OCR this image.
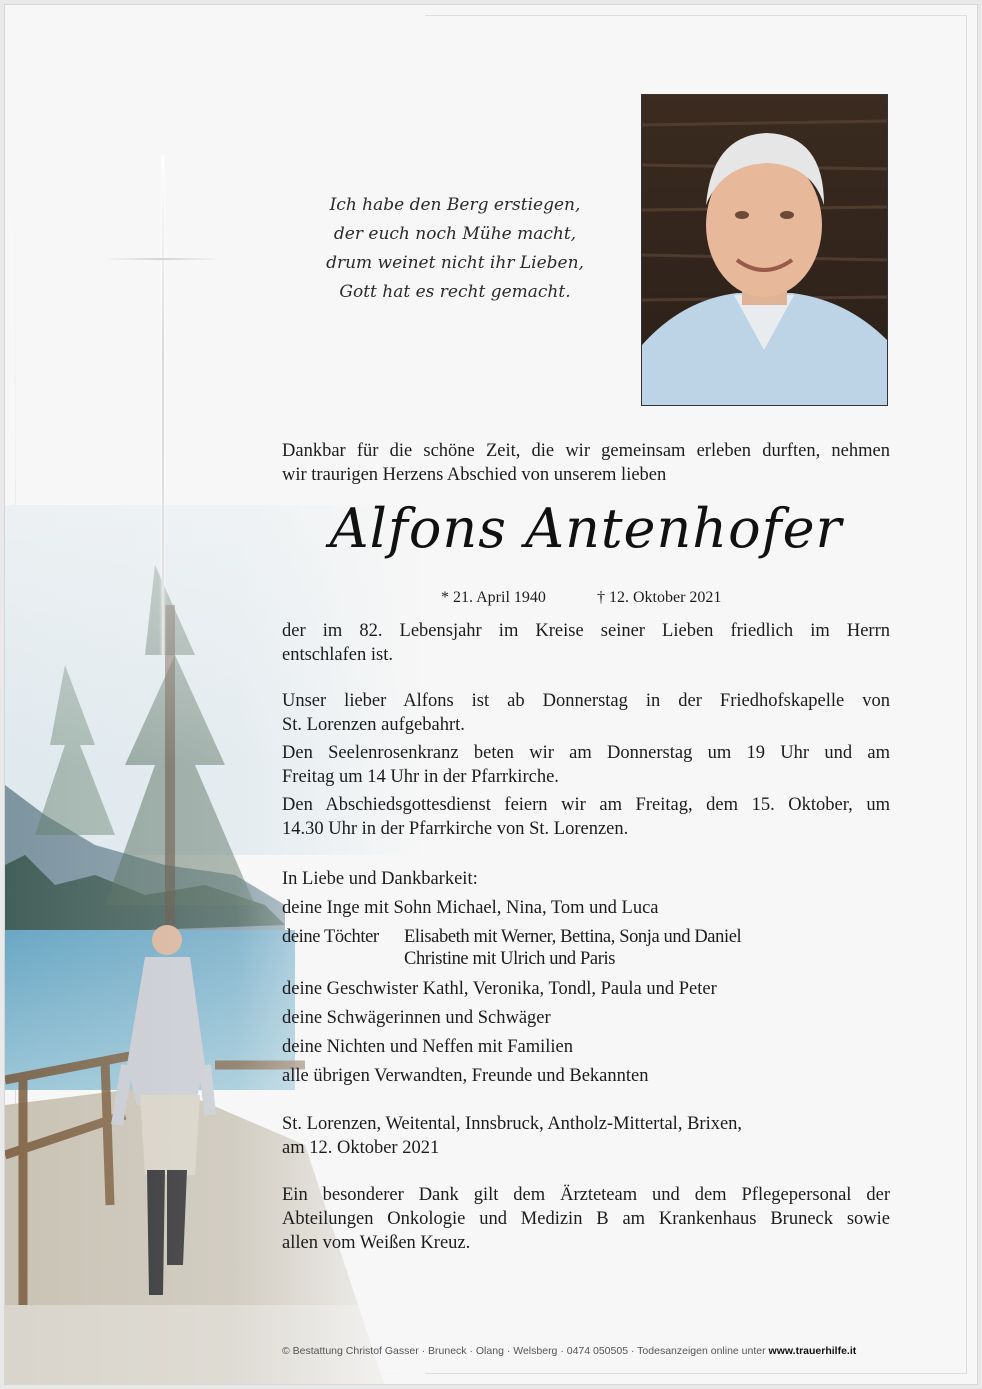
Ich habe den Berg erstiegen,
der euch noch Mühe macht,
drum weinet nicht ihr Lieben,
Gott hat es recht gemacht.
Dankbar für die schöne Zeit, die wir gemeinsam erleben durften, nehmen
wir traurigen Herzens Abschied von unserem lieben
Alfons Antenhofer
* 21. April 1940	† 12. Oktober 2021
der im 82. Lebensjahr im Kreise seiner Lieben friedlich im Herrn
entschlafen ist.
Unser lieber Alfons ist ab Donnerstag in der Friedhofskapelle von
St. Lorenzen aufgebahrt.
Den Seelenrosenkranz beten wir am Donnerstag um 19 Uhr und am
Freitag um 14 Uhr in der Pfarrkirche.
Den Abschiedsgottesdienst feiern wir am Freitag, dem 15. Oktober, um
14.30 Uhr in der Pfarrkirche von St. Lorenzen.
In Liebe und Dankbarkeit:
deine Inge mit Sohn Michael, Nina, Tom und Luca
deine Töchter Elisabeth mit Werner, Bettina, Sonja und Daniel
Christine mit Ulrich und Paris
deine Geschwister Kathl, Veronika, Tondl, Paula und Peter
deine Schwägerinnen und Schwäger
deine Nichten und Neffen mit Familien
alle übrigen Verwandten, Freunde und Bekannten
St. Lorenzen, Weitental, Innsbruck, Antholz-Mittertal, Brixen,
am 12. Oktober 2021
Ein besonderer Dank gilt dem Ärzteteam und dem Pflegepersonal der
Abteilungen Onkologie und Medizin B am Krankenhaus Bruneck sowie
allen vom Weißen Kreuz.
© Bestattung Christof Gasser · Bruneck · Olang · Welsberg · 0474 050505 · Todesanzeigen online unter www.trauerhilfe.it
